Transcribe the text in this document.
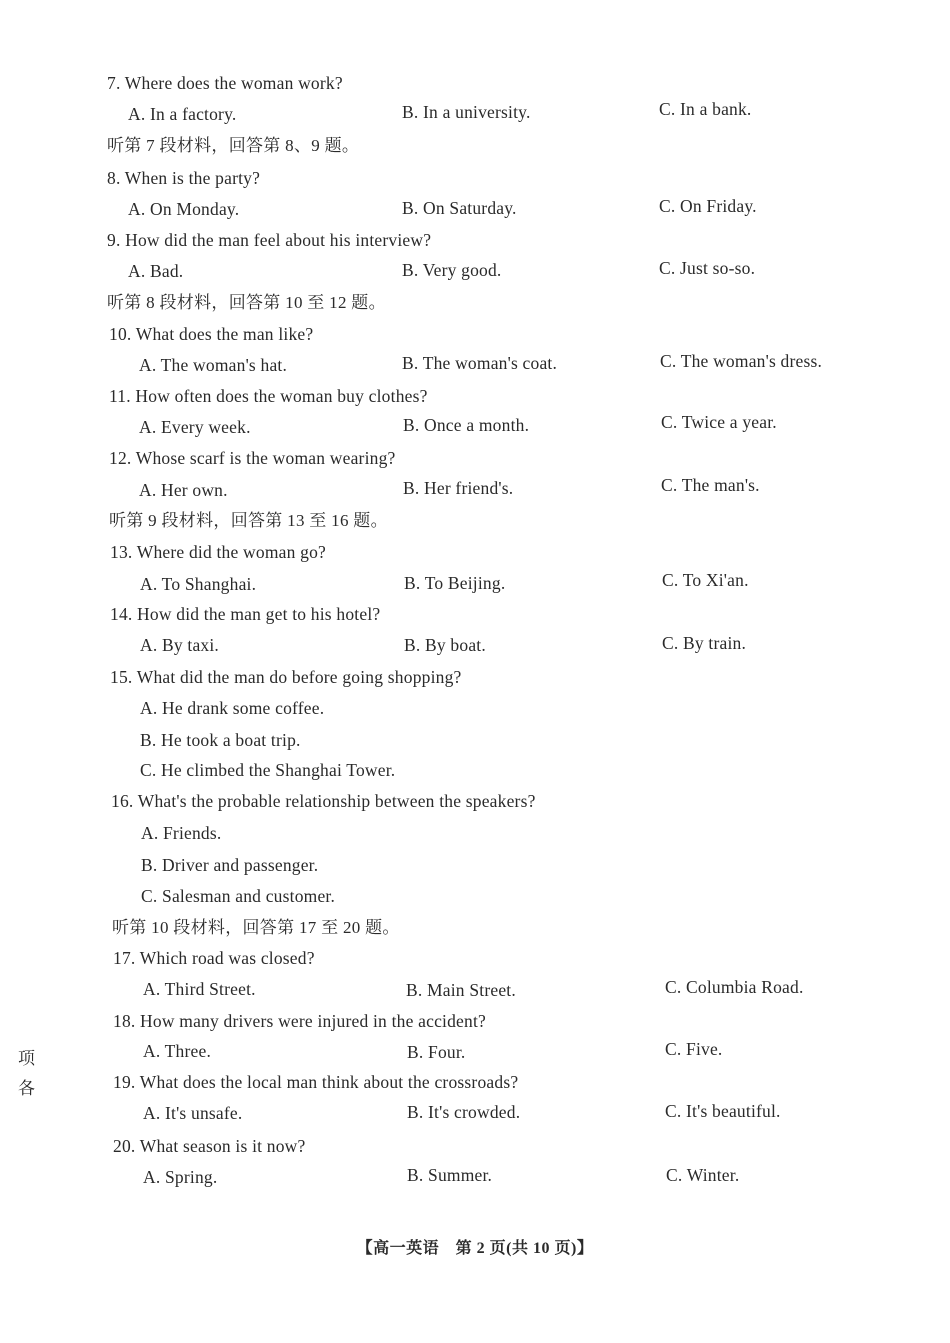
7. Where does the woman work?
A. In a factory.	B. In a university.	C. In a bank.
听第 7 段材料，回答第 8、9 题。
8. When is the party?
A. On Monday.	B. On Saturday.	C. On Friday.
9. How did the man feel about his interview?
A. Bad.	B. Very good.	C. Just so-so.
听第 8 段材料，回答第 10 至 12 题。
10. What does the man like?
A. The woman's hat.	B. The woman's coat.	C. The woman's dress.
11. How often does the woman buy clothes?
A. Every week.	B. Once a month.	C. Twice a year.
12. Whose scarf is the woman wearing?
A. Her own.	B. Her friend's.	C. The man's.
听第 9 段材料，回答第 13 至 16 题。
13. Where did the woman go?
A. To Shanghai.	B. To Beijing.	C. To Xi'an.
14. How did the man get to his hotel?
A. By taxi.	B. By boat.	C. By train.
15. What did the man do before going shopping?
A. He drank some coffee.
B. He took a boat trip.
C. He climbed the Shanghai Tower.
16. What's the probable relationship between the speakers?
A. Friends.
B. Driver and passenger.
C. Salesman and customer.
听第 10 段材料，回答第 17 至 20 题。
17. Which road was closed?
A. Third Street.	B. Main Street.	C. Columbia Road.
18. How many drivers were injured in the accident?
A. Three.	B. Four.	C. Five.
19. What does the local man think about the crossroads?
A. It's unsafe.	B. It's crowded.	C. It's beautiful.
20. What season is it now?
A. Spring.	B. Summer.	C. Winter.
项
各
【高一英语　第 2 页(共 10 页)】
